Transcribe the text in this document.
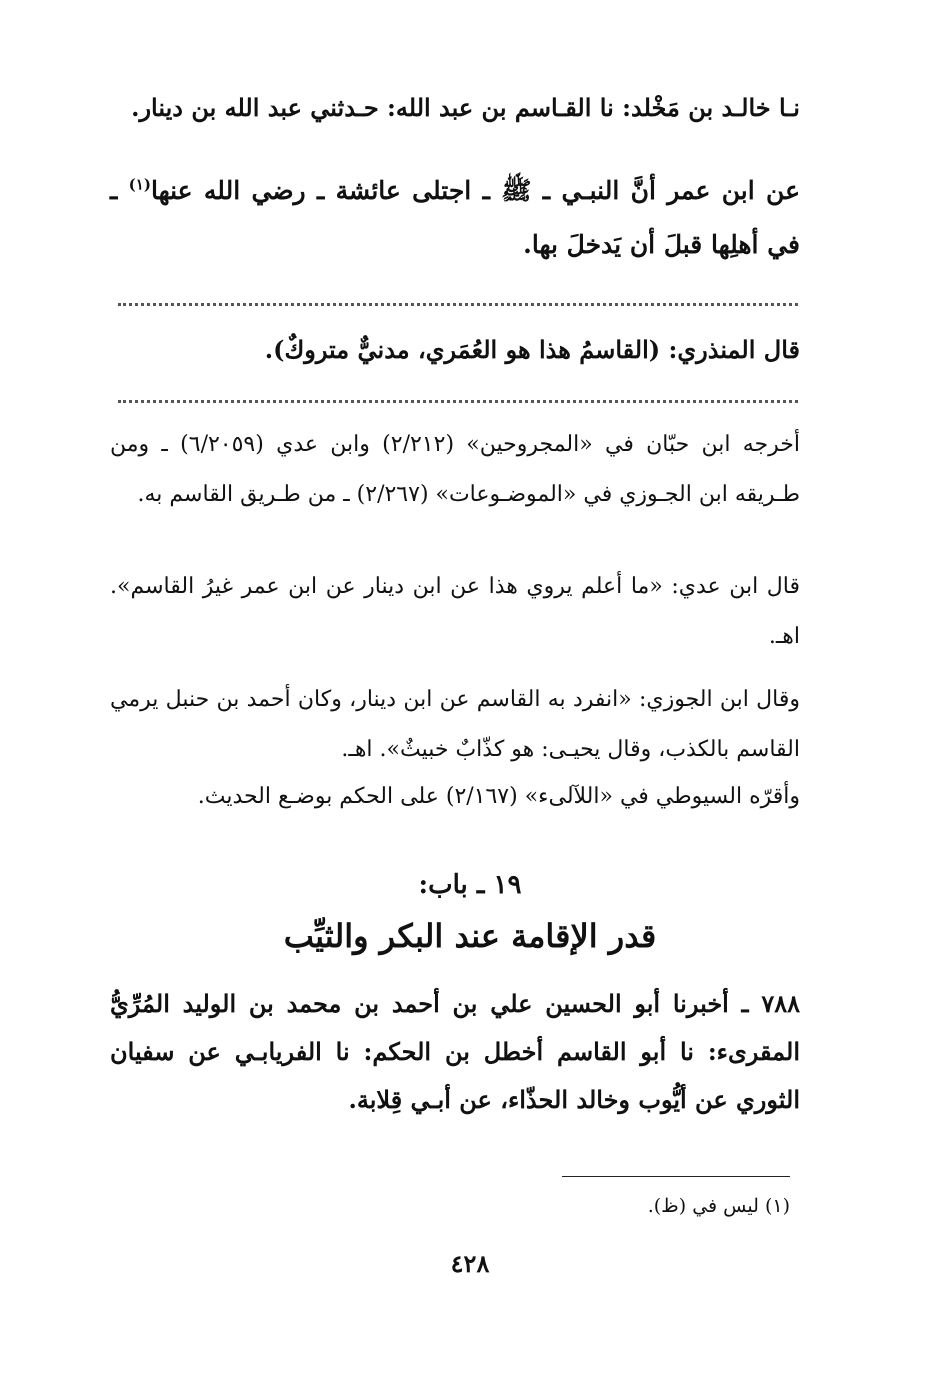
نـا خالـد بن مَخْلد: نا القـاسم بن عبد الله: حـدثني عبد الله بن دينار.
عن ابن عمر أنَّ النبـي ـ ﷺ ـ اجتلى عائشة ـ رضي الله عنها$^{(١)}$ ـ في أهلِها قبلَ أن يَدخلَ بها.
قال المنذري: (القاسمُ هذا هو العُمَري، مدنيٌّ متروكٌ).
أخرجه ابن حبّان في «المجروحين» (٢/٢١٢) وابن عدي (٦/٢٠٥٩) ـ ومن طـريقه ابن الجـوزي في «الموضـوعات» (٢/٢٦٧) ـ من طـريق القاسم به.
قال ابن عدي: «ما أعلم يروي هذا عن ابن دينار عن ابن عمر غيرُ القاسم». اهـ.
وقال ابن الجوزي: «انفرد به القاسم عن ابن دينار، وكان أحمد بن حنبل يرمي القاسم بالكذب، وقال يحيـى: هو كذّابٌ خبيثٌ». اهـ.
وأقرّه السيوطي في «اللآلىء» (٢/١٦٧) على الحكم بوضـع الحديث.
١٩ ـ باب:
قدر الإقامة عند البكر والثيِّب
٧٨٨ ـ أخبرنا أبو الحسين علي بن أحمد بن محمد بن الوليد المُرِّيُّ المقرىء: نا أبو القاسم أخطل بن الحكم: نا الفريابـي عن سفيان الثوري عن أيُّوب وخالد الحذّاء، عن أبـي قِلابة.
(١) ليس في (ظ).
٤٢٨
